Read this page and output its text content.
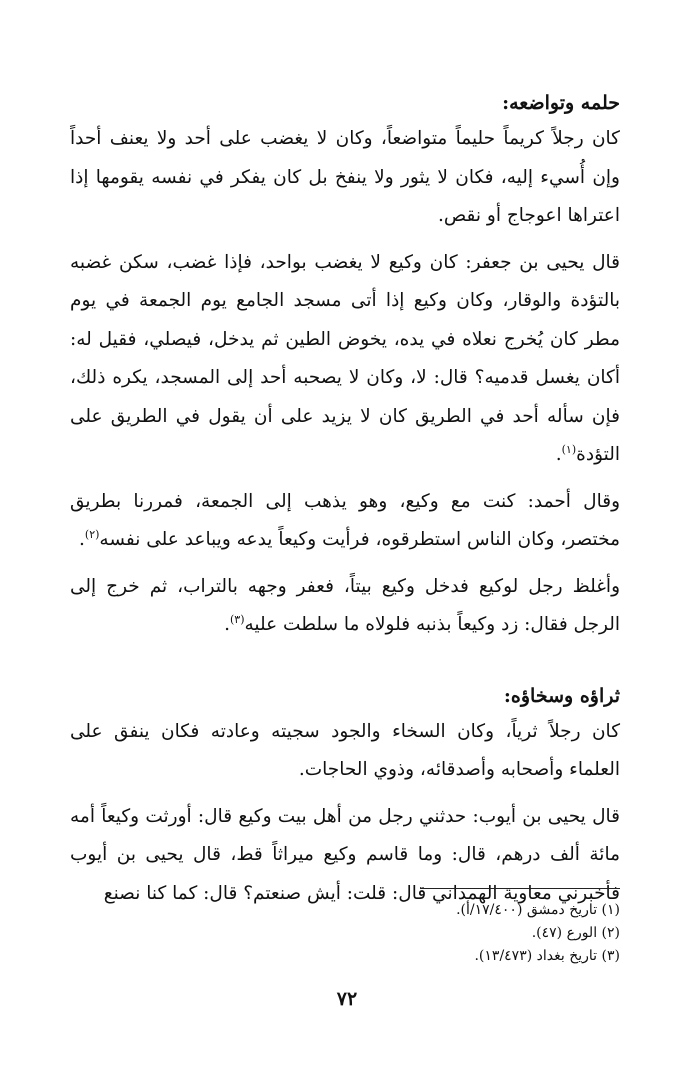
حلمه وتواضعه:

كان رجلاً كريماً حليماً متواضعاً، وكان لا يغضب على أحد ولا يعنف أحداً وإن أُسيء إليه، فكان لا يثور ولا ينفخ بل كان يفكر في نفسه يقومها إذا اعتراها اعوجاج أو نقص.

قال يحيى بن جعفر: كان وكيع لا يغضب بواحد، فإذا غضب، سكن غضبه بالتؤدة والوقار، وكان وكيع إذا أتى مسجد الجامع يوم الجمعة في يوم مطر كان يُخرج نعلاه في يده، يخوض الطين ثم يدخل، فيصلي، فقيل له: أكان يغسل قدميه؟ قال: لا، وكان لا يصحبه أحد إلى المسجد، يكره ذلك، فإن سأله أحد في الطريق كان لا يزيد على أن يقول في الطريق على التؤدة$^{(١)}$.

وقال أحمد: كنت مع وكيع، وهو يذهب إلى الجمعة، فمررنا بطريق مختصر، وكان الناس استطرقوه، فرأيت وكيعاً يدعه ويباعد على نفسه$^{(٢)}$.

وأغلظ رجل لوكيع فدخل وكيع بيتاً، فعفر وجهه بالتراب، ثم خرج إلى الرجل فقال: زد وكيعاً بذنبه فلولاه ما سلطت عليه$^{(٣)}$.

ثراؤه وسخاؤه:

كان رجلاً ثرياً، وكان السخاء والجود سجيته وعادته فكان ينفق على العلماء وأصحابه وأصدقائه، وذوي الحاجات.

قال يحيى بن أيوب: حدثني رجل من أهل بيت وكيع قال: أورثت وكيعاً أمه مائة ألف درهم، قال: وما قاسم وكيع ميراثاً قط، قال يحيى بن أيوب فأخبرني معاوية الهمداني قال: قلت: أيش صنعتم؟ قال: كما كنا نصنع

(١) تاريخ دمشق (١٧/٤٠٠/أ).
(٢) الورع (٤٧).
(٣) تاريخ بغداد (١٣/٤٧٣).
٧٢
